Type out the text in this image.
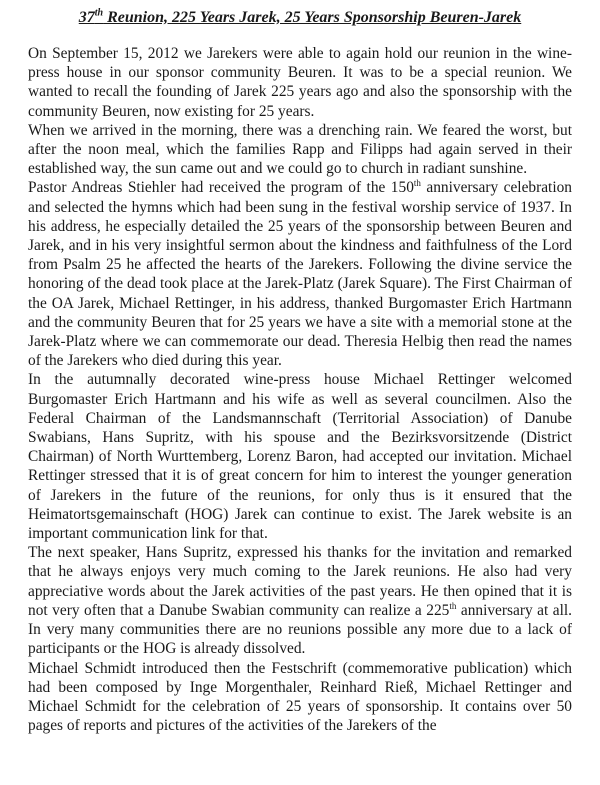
37th Reunion, 225 Years Jarek, 25 Years Sponsorship Beuren-Jarek

On September 15, 2012 we Jarekers were able to again hold our reunion in the wine-press house in our sponsor community Beuren. It was to be a special reunion. We wanted to recall the founding of Jarek 225 years ago and also the sponsorship with the community Beuren, now existing for 25 years.

When we arrived in the morning, there was a drenching rain. We feared the worst, but after the noon meal, which the families Rapp and Filipps had again served in their established way, the sun came out and we could go to church in radiant sunshine.

Pastor Andreas Stiehler had received the program of the 150th anniversary celebration and selected the hymns which had been sung in the festival worship service of 1937. In his address, he especially detailed the 25 years of the sponsorship between Beuren and Jarek, and in his very insightful sermon about the kindness and faithfulness of the Lord from Psalm 25 he affected the hearts of the Jarekers. Following the divine service the honoring of the dead took place at the Jarek-Platz (Jarek Square). The First Chairman of the OA Jarek, Michael Rettinger, in his address, thanked Burgomaster Erich Hartmann and the community Beuren that for 25 years we have a site with a memorial stone at the Jarek-Platz where we can commemorate our dead. Theresia Helbig then read the names of the Jarekers who died during this year.

In the autumnally decorated wine-press house Michael Rettinger welcomed Burgomaster Erich Hartmann and his wife as well as several councilmen. Also the Federal Chairman of the Landsmannschaft (Territorial Association) of Danube Swabians, Hans Supritz, with his spouse and the Bezirksvorsitzende (District Chairman) of North Wurttemberg, Lorenz Baron, had accepted our invitation. Michael Rettinger stressed that it is of great concern for him to interest the younger generation of Jarekers in the future of the reunions, for only thus is it ensured that the Heimatortsgemainschaft (HOG) Jarek can continue to exist. The Jarek website is an important communication link for that.

The next speaker, Hans Supritz, expressed his thanks for the invitation and remarked that he always enjoys very much coming to the Jarek reunions. He also had very appreciative words about the Jarek activities of the past years. He then opined that it is not very often that a Danube Swabian community can realize a 225th anniversary at all. In very many communities there are no reunions possible any more due to a lack of participants or the HOG is already dissolved.

Michael Schmidt introduced then the Festschrift (commemorative publication) which had been composed by Inge Morgenthaler, Reinhard Rieß, Michael Rettinger and Michael Schmidt for the celebration of 25 years of sponsorship. It contains over 50 pages of reports and pictures of the activities of the Jarekers of the
